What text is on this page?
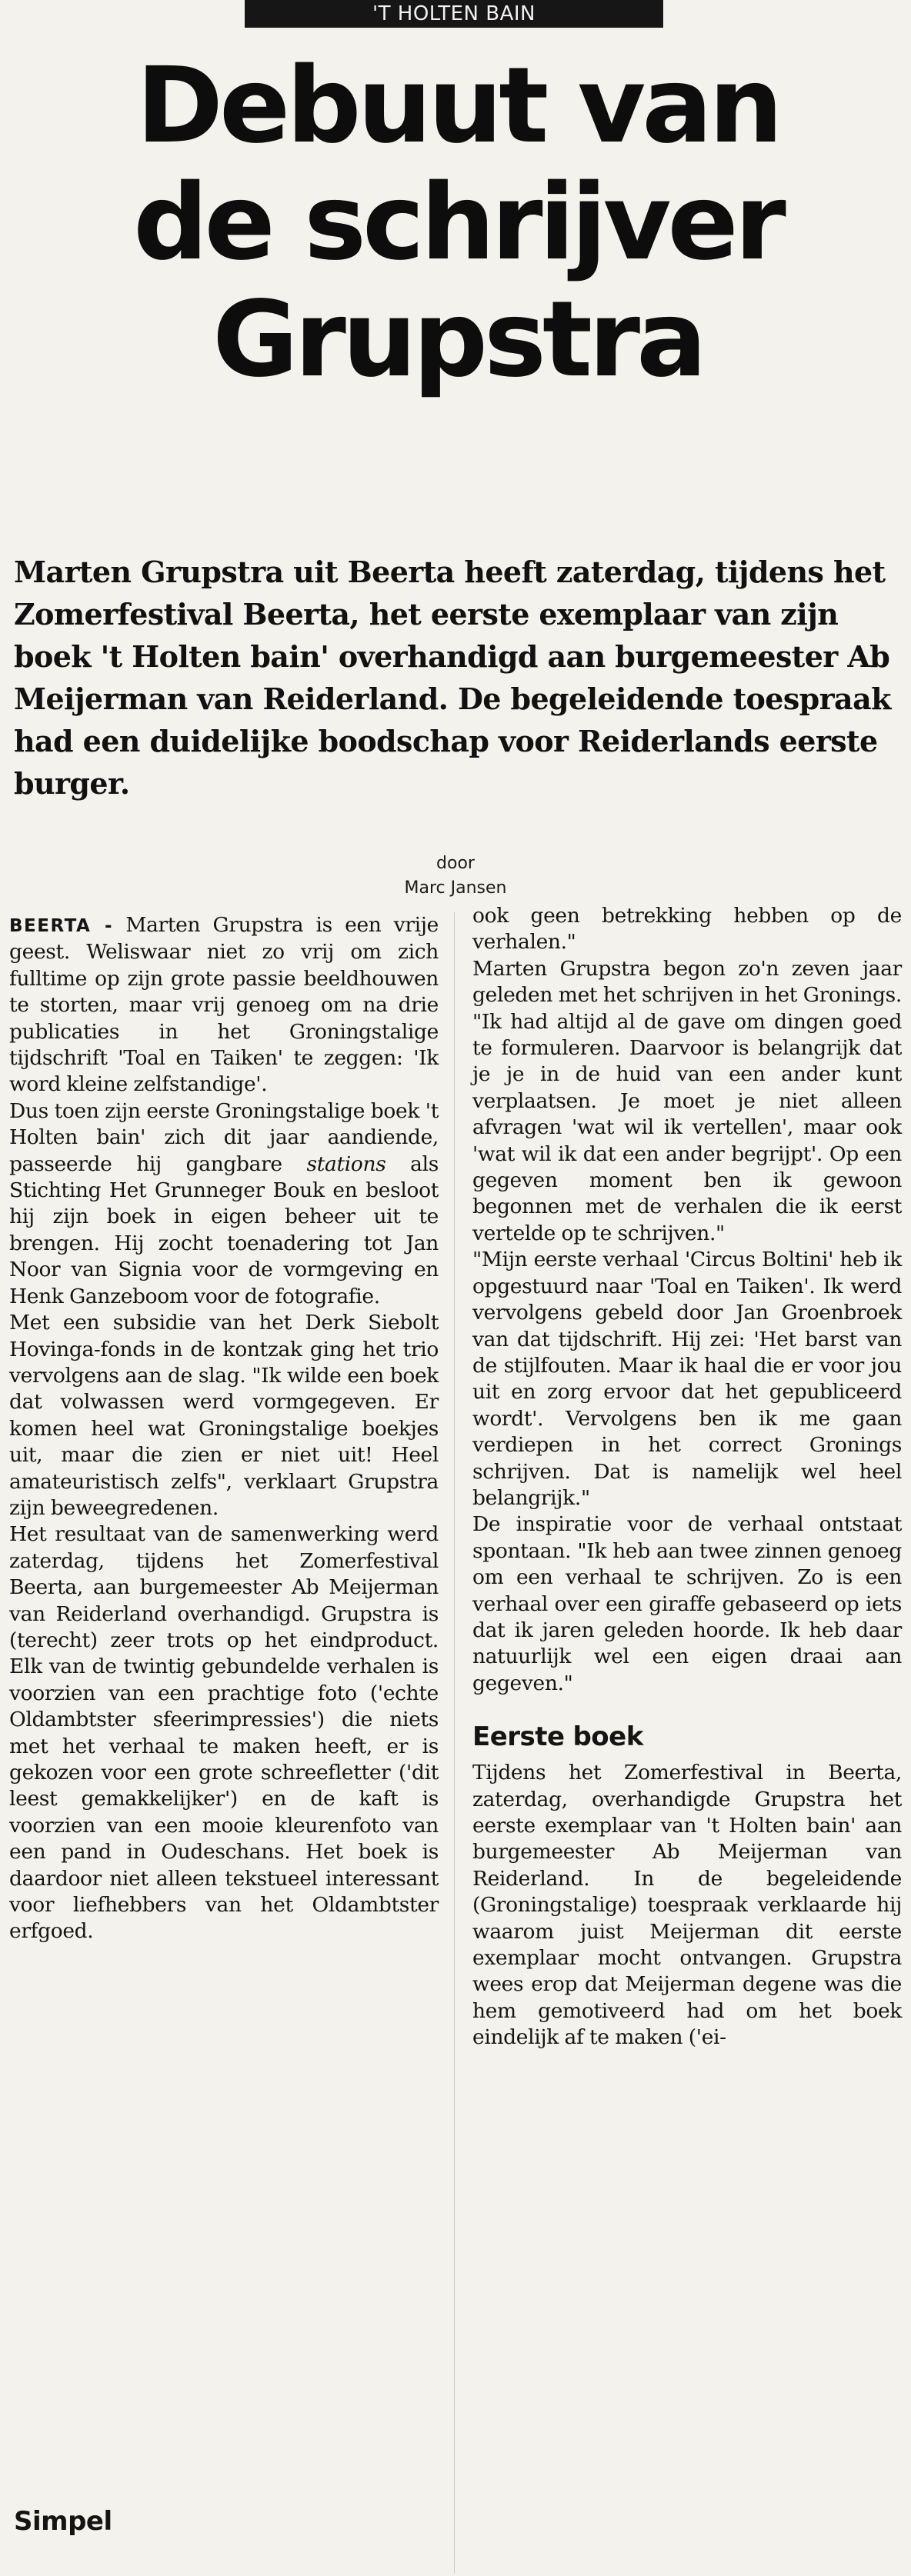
'T HOLTEN BAIN
Debuut van
de schrijver
Grupstra

Marten Grupstra uit Beerta heeft zaterdag, tijdens het Zomerfestival Beerta, het eerste exemplaar van zijn boek 't Holten bain' overhandigd aan burgemeester Ab Meijerman van Reiderland. De begeleidende toespraak had een duidelijke boodschap voor Reiderlands eerste burger.

door
Marc Jansen

BEERTA - Marten Grupstra is een vrije geest. Weliswaar niet zo vrij om zich fulltime op zijn grote passie beeldhouwen te storten, maar vrij genoeg om na drie publicaties in het Groningstalige tijdschrift 'Toal en Taiken' te zeggen: 'Ik word kleine zelfstandige'.

Dus toen zijn eerste Groningstalige boek 't Holten bain' zich dit jaar aandiende, passeerde hij gangbare stations als Stichting Het Grunneger Bouk en besloot hij zijn boek in eigen beheer uit te brengen. Hij zocht toenadering tot Jan Noor van Signia voor de vormgeving en Henk Ganzeboom voor de fotografie.

Met een subsidie van het Derk Siebolt Hovinga-fonds in de kontzak ging het trio vervolgens aan de slag. "Ik wilde een boek dat volwassen werd vormgegeven. Er komen heel wat Groningstalige boekjes uit, maar die zien er niet uit! Heel amateuristisch zelfs", verklaart Grupstra zijn beweegredenen.

Het resultaat van de samenwerking werd zaterdag, tijdens het Zomerfestival Beerta, aan burgemeester Ab Meijerman van Reiderland overhandigd. Grupstra is (terecht) zeer trots op het eindproduct. Elk van de twintig gebundelde verhalen is voorzien van een prachtige foto ('echte Oldambtster sfeerimpressies') die niets met het verhaal te maken heeft, er is gekozen voor een grote schreefletter ('dit leest gemakkelijker') en de kaft is voorzien van een mooie kleurenfoto van een pand in Oudeschans. Het boek is daardoor niet alleen tekstueel interessant voor liefhebbers van het Oldambtster erfgoed.

Simpel

ook geen betrekking hebben op de verhalen."

Marten Grupstra begon zo'n zeven jaar geleden met het schrijven in het Gronings. "Ik had altijd al de gave om dingen goed te formuleren. Daarvoor is belangrijk dat je je in de huid van een ander kunt verplaatsen. Je moet je niet alleen afvragen 'wat wil ik vertellen', maar ook 'wat wil ik dat een ander begrijpt'. Op een gegeven moment ben ik gewoon begonnen met de verhalen die ik eerst vertelde op te schrijven."

"Mijn eerste verhaal 'Circus Boltini' heb ik opgestuurd naar 'Toal en Taiken'. Ik werd vervolgens gebeld door Jan Groenbroek van dat tijdschrift. Hij zei: 'Het barst van de stijlfouten. Maar ik haal die er voor jou uit en zorg ervoor dat het gepubliceerd wordt'. Vervolgens ben ik me gaan verdiepen in het correct Gronings schrijven. Dat is namelijk wel heel belangrijk."

De inspiratie voor de verhaal ontstaat spontaan. "Ik heb aan twee zinnen genoeg om een verhaal te schrijven. Zo is een verhaal over een giraffe gebaseerd op iets dat ik jaren geleden hoorde. Ik heb daar natuurlijk wel een eigen draai aan gegeven."

Eerste boek

Tijdens het Zomerfestival in Beerta, zaterdag, overhandigde Grupstra het eerste exemplaar van 't Holten bain' aan burgemeester Ab Meijerman van Reiderland. In de begeleidende (Groningstalige) toespraak verklaarde hij waarom juist Meijerman dit eerste exemplaar mocht ontvangen. Grupstra wees erop dat Meijerman degene was die hem gemotiveerd had om het boek eindelijk af te maken ('ei-
